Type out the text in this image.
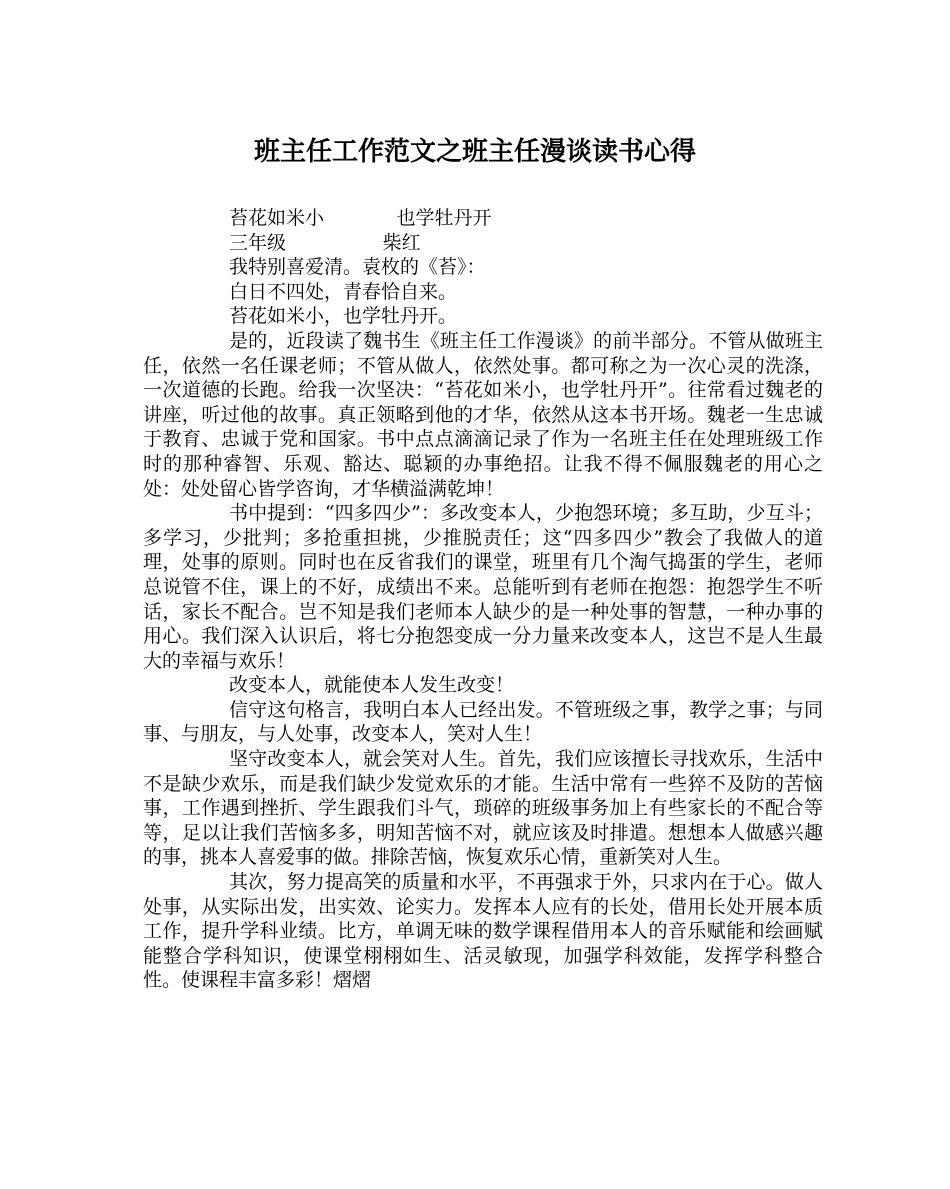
班主任工作范文之班主任漫谈读书心得

苔花如米小            也学牡丹开

三年级                柴红

我特别喜爱清。袁枚的《苔》：

白日不四处，青春恰自来。

苔花如米小，也学牡丹开。

是的，近段读了魏书生《班主任工作漫谈》的前半部分。不管从做班主任，依然一名任课老师；不管从做人，依然处事。都可称之为一次心灵的洗涤，一次道德的长跑。给我一次坚决：“苔花如米小，也学牡丹开”。往常看过魏老的讲座，听过他的故事。真正领略到他的才华，依然从这本书开场。魏老一生忠诚于教育、忠诚于党和国家。书中点点滴滴记录了作为一名班主任在处理班级工作时的那种睿智、乐观、豁达、聪颖的办事绝招。让我不得不佩服魏老的用心之处：处处留心皆学咨询，才华横溢满乾坤！

书中提到：“四多四少”：多改变本人，少抱怨环境；多互助，少互斗；多学习，少批判；多抢重担挑，少推脱责任；这“四多四少”教会了我做人的道理，处事的原则。同时也在反省我们的课堂，班里有几个淘气捣蛋的学生，老师总说管不住，课上的不好，成绩出不来。总能听到有老师在抱怨：抱怨学生不听话，家长不配合。岂不知是我们老师本人缺少的是一种处事的智慧，一种办事的用心。我们深入认识后，将七分抱怨变成一分力量来改变本人，这岂不是人生最大的幸福与欢乐！

改变本人，就能使本人发生改变！

信守这句格言，我明白本人已经出发。不管班级之事，教学之事；与同事、与朋友，与人处事，改变本人，笑对人生！

坚守改变本人，就会笑对人生。首先，我们应该擅长寻找欢乐，生活中不是缺少欢乐，而是我们缺少发觉欢乐的才能。生活中常有一些猝不及防的苦恼事，工作遇到挫折、学生跟我们斗气，琐碎的班级事务加上有些家长的不配合等等，足以让我们苦恼多多，明知苦恼不对，就应该及时排遣。想想本人做感兴趣的事，挑本人喜爱事的做。排除苦恼，恢复欢乐心情，重新笑对人生。

其次，努力提高笑的质量和水平，不再强求于外，只求内在于心。做人处事，从实际出发，出实效、论实力。发挥本人应有的长处，借用长处开展本质工作，提升学科业绩。比方，单调无味的数学课程借用本人的音乐赋能和绘画赋能整合学科知识，使课堂栩栩如生、活灵敏现，加强学科效能，发挥学科整合性。使课程丰富多彩！熠熠
